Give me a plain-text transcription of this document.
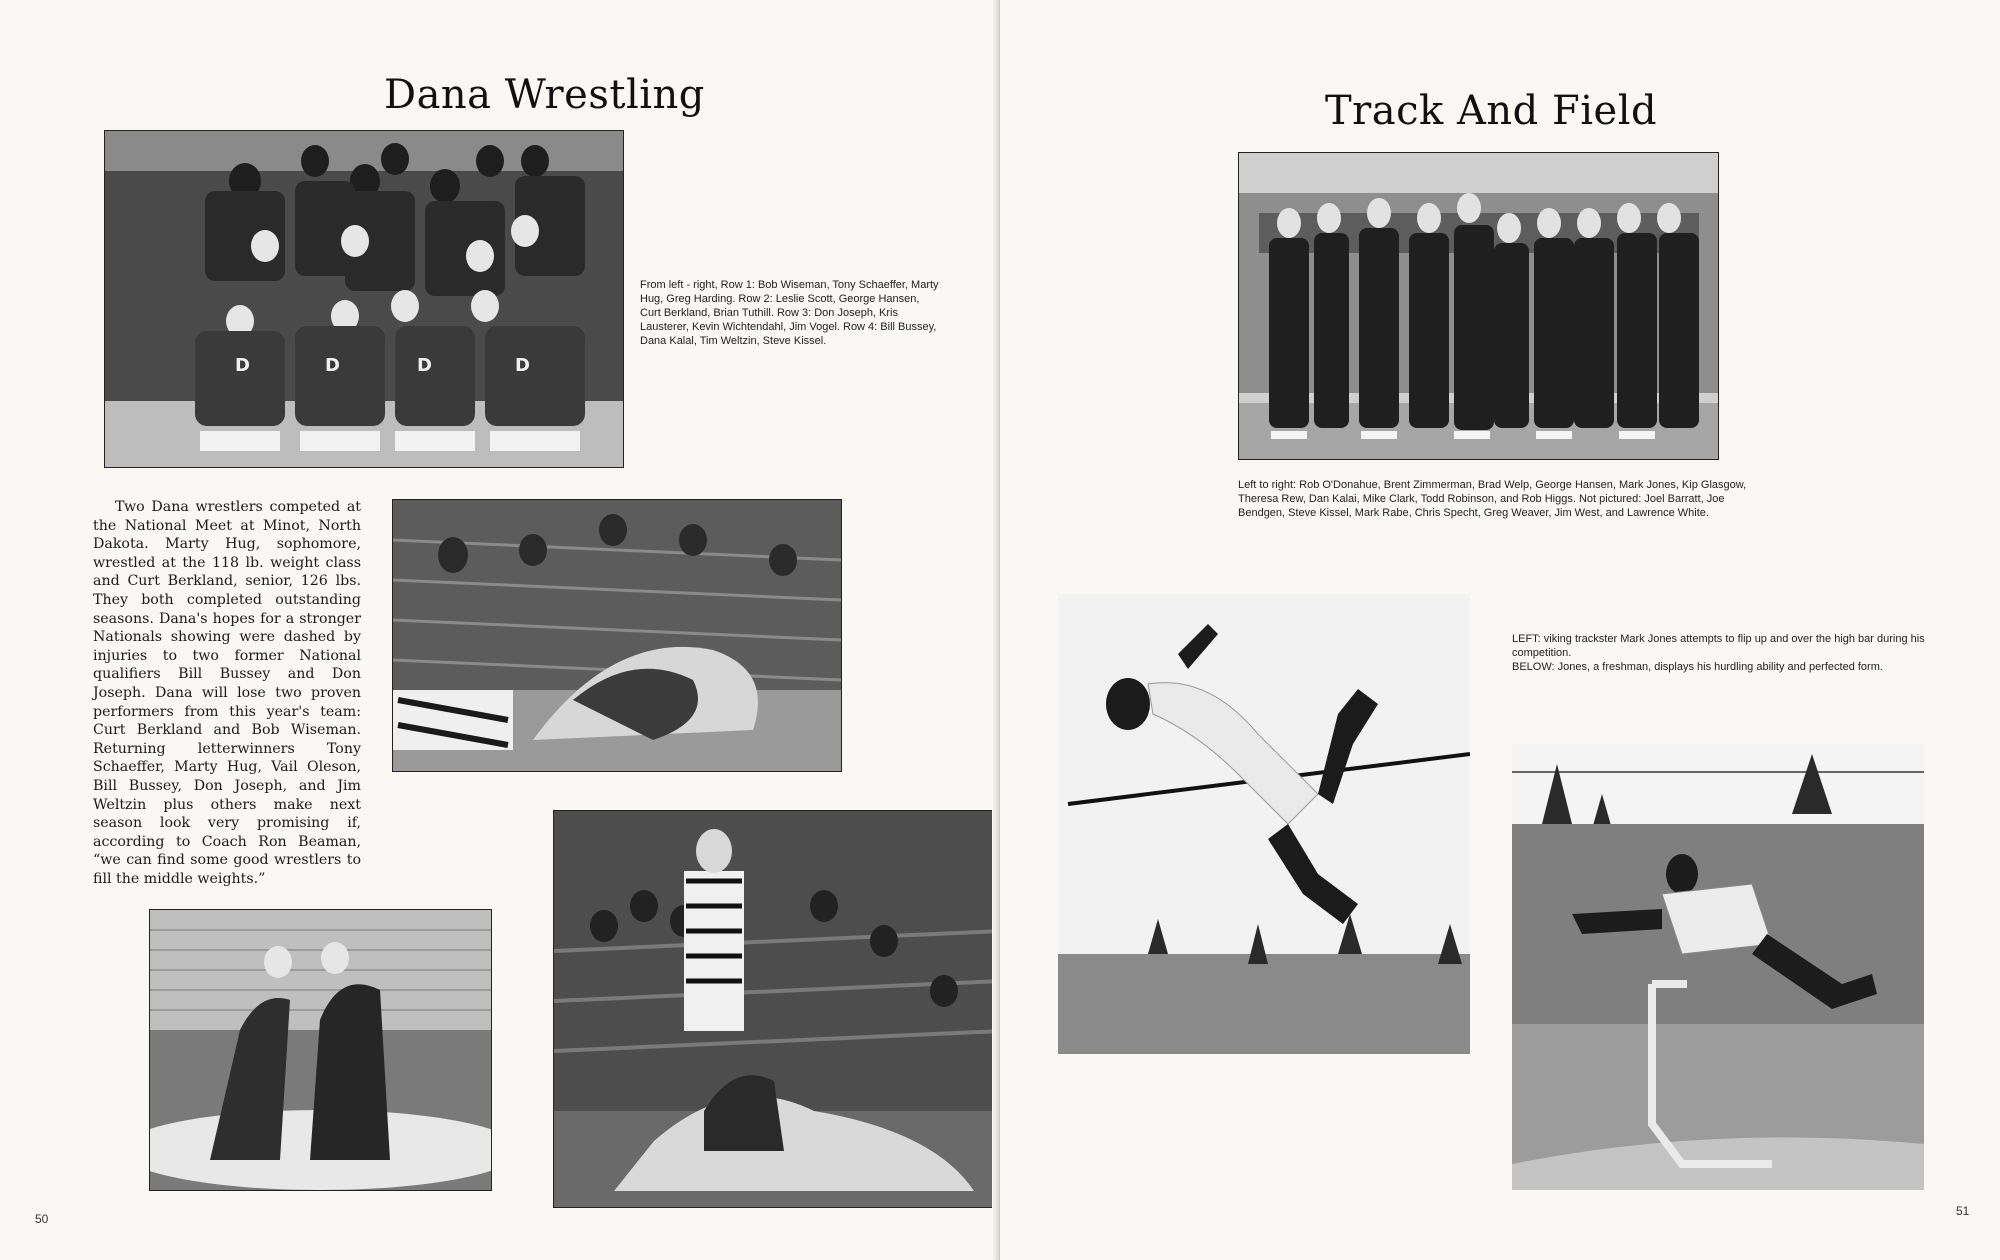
Dana Wrestling
D	D	D	D

From left - right, Row 1: Bob Wiseman, Tony Schaeffer, Marty Hug, Greg Harding. Row 2: Leslie Scott, George Hansen, Curt Berkland, Brian Tuthill. Row 3: Don Joseph, Kris Lausterer, Kevin Wichtendahl, Jim Vogel. Row 4: Bill Bussey, Dana Kalal, Tim Weltzin, Steve Kissel.

Two Dana wrestlers competed at the National Meet at Minot, North Dakota. Marty Hug, sophomore, wrestled at the 118 lb. weight class and Curt Berkland, senior, 126 lbs. They both completed outstanding seasons. Dana's hopes for a stronger Nationals showing were dashed by injuries to two former National qualifiers Bill Bussey and Don Joseph. Dana will lose two proven performers from this year's team: Curt Berkland and Bob Wiseman. Returning letterwinners Tony Schaeffer, Marty Hug, Vail Oleson, Bill Bussey, Don Joseph, and Jim Weltzin plus others make next season look very promising if, according to Coach Ron Beaman, “we can find some good wrestlers to fill the middle weights.”

50
Track And Field

Left to right: Rob O'Donahue, Brent Zimmerman, Brad Welp, George Hansen, Mark Jones, Kip Glasgow, Theresa Rew, Dan Kalai, Mike Clark, Todd Robinson, and Rob Higgs. Not pictured: Joel Barratt, Joe Bendgen, Steve Kissel, Mark Rabe, Chris Specht, Greg Weaver, Jim West, and Lawrence White.

LEFT: viking trackster Mark Jones attempts to flip up and over the high bar during his competition.
BELOW: Jones, a freshman, displays his hurdling ability and perfected form.

51
